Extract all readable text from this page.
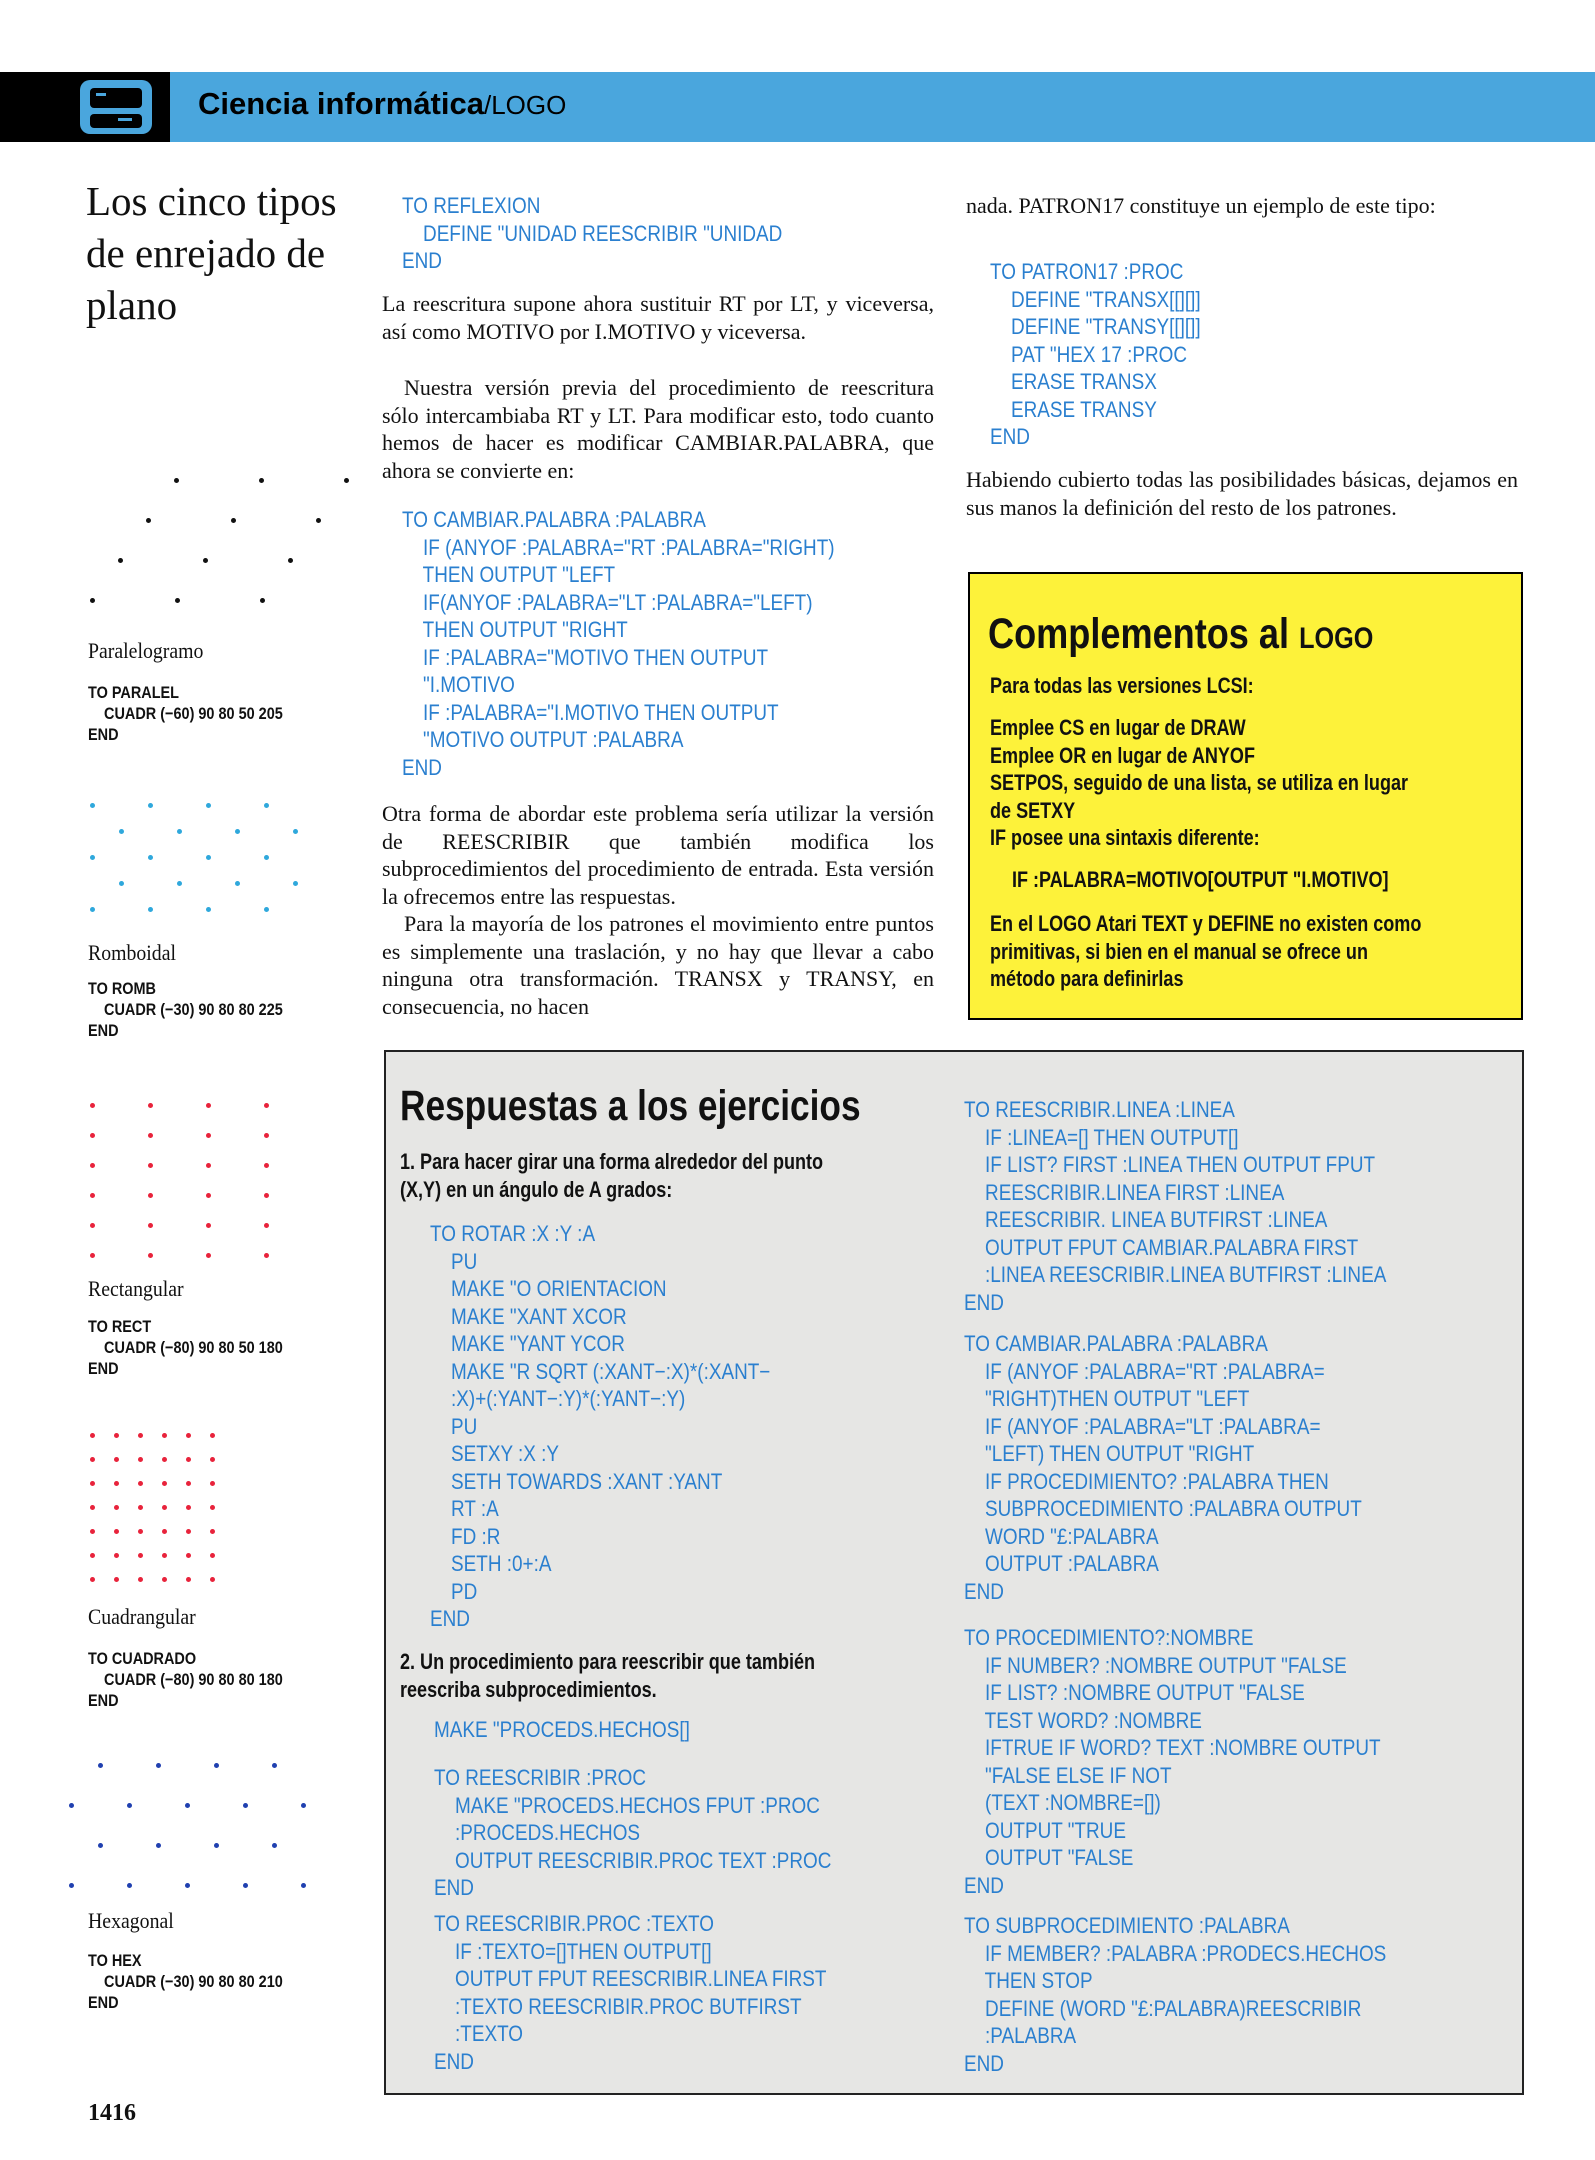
Ciencia informática/LOGO
Los cinco tipos de enrejado de plano
Paralelogramo
TO PARALEL
CUADR (−60) 90 80 50 205
END
Romboidal
TO ROMB
CUADR (−30) 90 80 80 225
END
Rectangular
TO RECT
CUADR (−80) 90 80 50 180
END
Cuadrangular
TO CUADRADO
CUADR (−80) 90 80 80 180
END
Hexagonal
TO HEX
CUADR (−30) 90 80 80 210
END
TO REFLEXION
DEFINE "UNIDAD REESCRIBIR "UNIDAD
END
La reescritura supone ahora sustituir RT por LT, y viceversa, así como MOTIVO por I.MOTIVO y viceversa.
Nuestra versión previa del procedimiento de reescritura sólo intercambiaba RT y LT. Para modificar esto, todo cuanto hemos de hacer es modificar CAMBIAR.PALABRA, que ahora se convierte en:
TO CAMBIAR.PALABRA :PALABRA
IF (ANYOF :PALABRA="RT :PALABRA="RIGHT)
THEN OUTPUT "LEFT
IF(ANYOF :PALABRA="LT :PALABRA="LEFT)
THEN OUTPUT "RIGHT
IF :PALABRA="MOTIVO THEN OUTPUT
"I.MOTIVO
IF :PALABRA="I.MOTIVO THEN OUTPUT
"MOTIVO OUTPUT :PALABRA
END
Otra forma de abordar este problema sería utilizar la versión de REESCRIBIR que también modifica los subprocedimientos del procedimiento de entrada. Esta versión la ofrecemos entre las respuestas.
Para la mayoría de los patrones el movimiento entre puntos es simplemente una traslación, y no hay que llevar a cabo ninguna otra transformación. TRANSX y TRANSY, en consecuencia, no hacen
nada. PATRON17 constituye un ejemplo de este tipo:
TO PATRON17 :PROC
DEFINE "TRANSX[[][]]
DEFINE "TRANSY[[][]]
PAT "HEX 17 :PROC
ERASE TRANSX
ERASE TRANSY
END
Habiendo cubierto todas las posibilidades básicas, dejamos en sus manos la definición del resto de los patrones.
Complementos al LOGO
Para todas las versiones LCSI:
Emplee CS en lugar de DRAW
Emplee OR en lugar de ANYOF
SETPOS, seguido de una lista, se utiliza en lugar
de SETXY
IF posee una sintaxis diferente:
IF :PALABRA=MOTIVO[OUTPUT "I.MOTIVO]
En el LOGO Atari TEXT y DEFINE no existen como
primitivas, si bien en el manual se ofrece un
método para definirlas
Respuestas a los ejercicios
1. Para hacer girar una forma alrededor del punto
(X,Y) en un ángulo de A grados:
TO ROTAR :X :Y :A
PU
MAKE "O ORIENTACION
MAKE "XANT XCOR
MAKE "YANT YCOR
MAKE "R SQRT (:XANT−:X)*(:XANT−
:X)+(:YANT−:Y)*(:YANT−:Y)
PU
SETXY :X :Y
SETH TOWARDS :XANT :YANT
RT :A
FD :R
SETH :0+:A
PD
END
2. Un procedimiento para reescribir que también
reescriba subprocedimientos.
MAKE "PROCEDS.HECHOS[]
TO REESCRIBIR :PROC
MAKE "PROCEDS.HECHOS FPUT :PROC
:PROCEDS.HECHOS
OUTPUT REESCRIBIR.PROC TEXT :PROC
END
TO REESCRIBIR.PROC :TEXTO
IF :TEXTO=[]THEN OUTPUT[]
OUTPUT FPUT REESCRIBIR.LINEA FIRST
:TEXTO REESCRIBIR.PROC BUTFIRST
:TEXTO
END
TO REESCRIBIR.LINEA :LINEA
IF :LINEA=[] THEN OUTPUT[]
IF LIST? FIRST :LINEA THEN OUTPUT FPUT
REESCRIBIR.LINEA FIRST :LINEA
REESCRIBIR. LINEA BUTFIRST :LINEA
OUTPUT FPUT CAMBIAR.PALABRA FIRST
:LINEA REESCRIBIR.LINEA BUTFIRST :LINEA
END
TO CAMBIAR.PALABRA :PALABRA
IF (ANYOF :PALABRA="RT :PALABRA=
"RIGHT)THEN OUTPUT "LEFT
IF (ANYOF :PALABRA="LT :PALABRA=
"LEFT) THEN OUTPUT "RIGHT
IF PROCEDIMIENTO? :PALABRA THEN
SUBPROCEDIMIENTO :PALABRA OUTPUT
WORD "£:PALABRA
OUTPUT :PALABRA
END
TO PROCEDIMIENTO?:NOMBRE
IF NUMBER? :NOMBRE OUTPUT "FALSE
IF LIST? :NOMBRE OUTPUT "FALSE
TEST WORD? :NOMBRE
IFTRUE IF WORD? TEXT :NOMBRE OUTPUT
"FALSE ELSE IF NOT
(TEXT :NOMBRE=[])
OUTPUT "TRUE
OUTPUT "FALSE
END
TO SUBPROCEDIMIENTO :PALABRA
IF MEMBER? :PALABRA :PRODECS.HECHOS
THEN STOP
DEFINE (WORD "£:PALABRA)REESCRIBIR
:PALABRA
END
1416
